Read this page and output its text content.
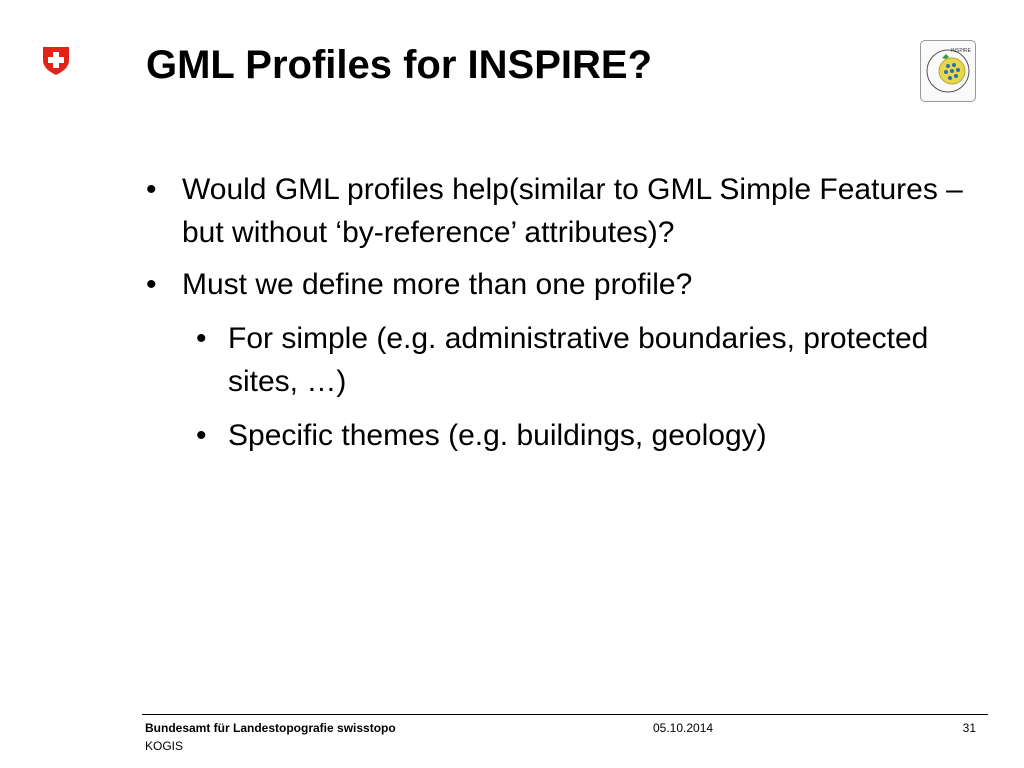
GML Profiles for INSPIRE?	INSPIRE
• Would GML profiles help(similar to GML Simple Features – but without ‘by-reference’ attributes)?
• Must we define more than one profile?
• For simple (e.g. administrative boundaries, protected sites, …)
• Specific themes (e.g. buildings, geology)
Bundesamt für Landestopografie swisstopo
KOGIS
05.10.2014	31
